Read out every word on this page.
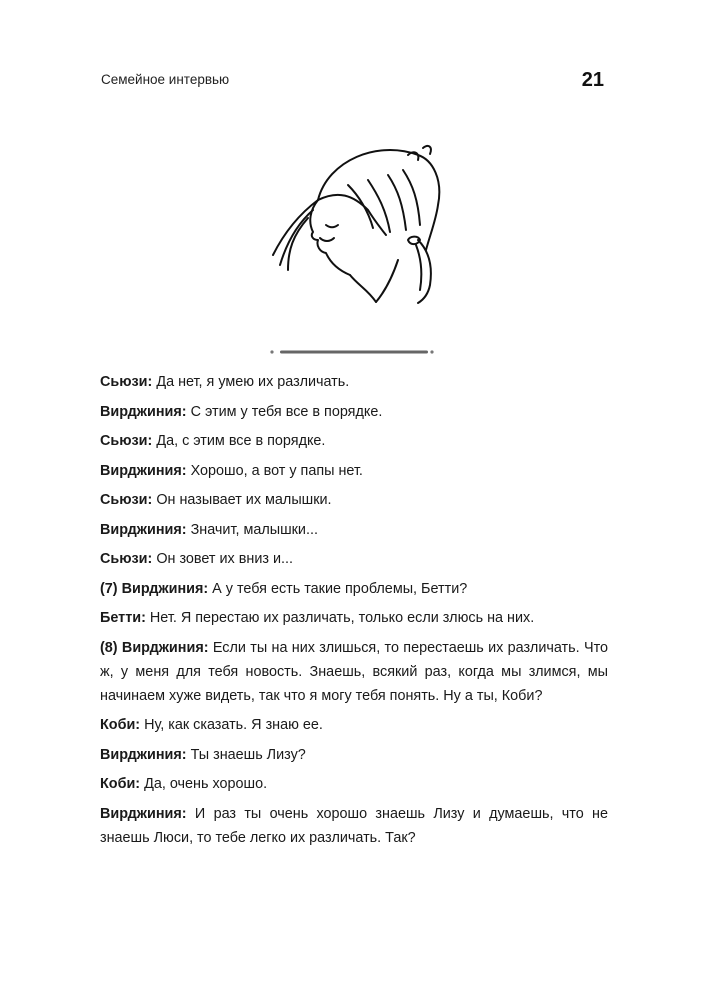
Семейное интервью	21

Сьюзи: Да нет, я умею их различать.

Вирджиния: С этим у тебя все в порядке.

Сьюзи: Да, с этим все в порядке.

Вирджиния: Хорошо, а вот у папы нет.

Сьюзи: Он называет их малышки.

Вирджиния: Значит, малышки...

Сьюзи: Он зовет их вниз и...

(7) Вирджиния: А у тебя есть такие проблемы, Бетти?

Бетти: Нет. Я перестаю их различать, только если злюсь на них.

(8) Вирджиния: Если ты на них злишься, то перестаешь их различать. Что ж, у меня для тебя новость. Знаешь, всякий раз, когда мы злимся, мы начинаем хуже видеть, так что я могу тебя понять. Ну а ты, Коби?

Коби: Ну, как сказать. Я знаю ее.

Вирджиния: Ты знаешь Лизу?

Коби: Да, очень хорошо.

Вирджиния: И раз ты очень хорошо знаешь Лизу и думаешь, что не знаешь Люси, то тебе легко их различать. Так?
